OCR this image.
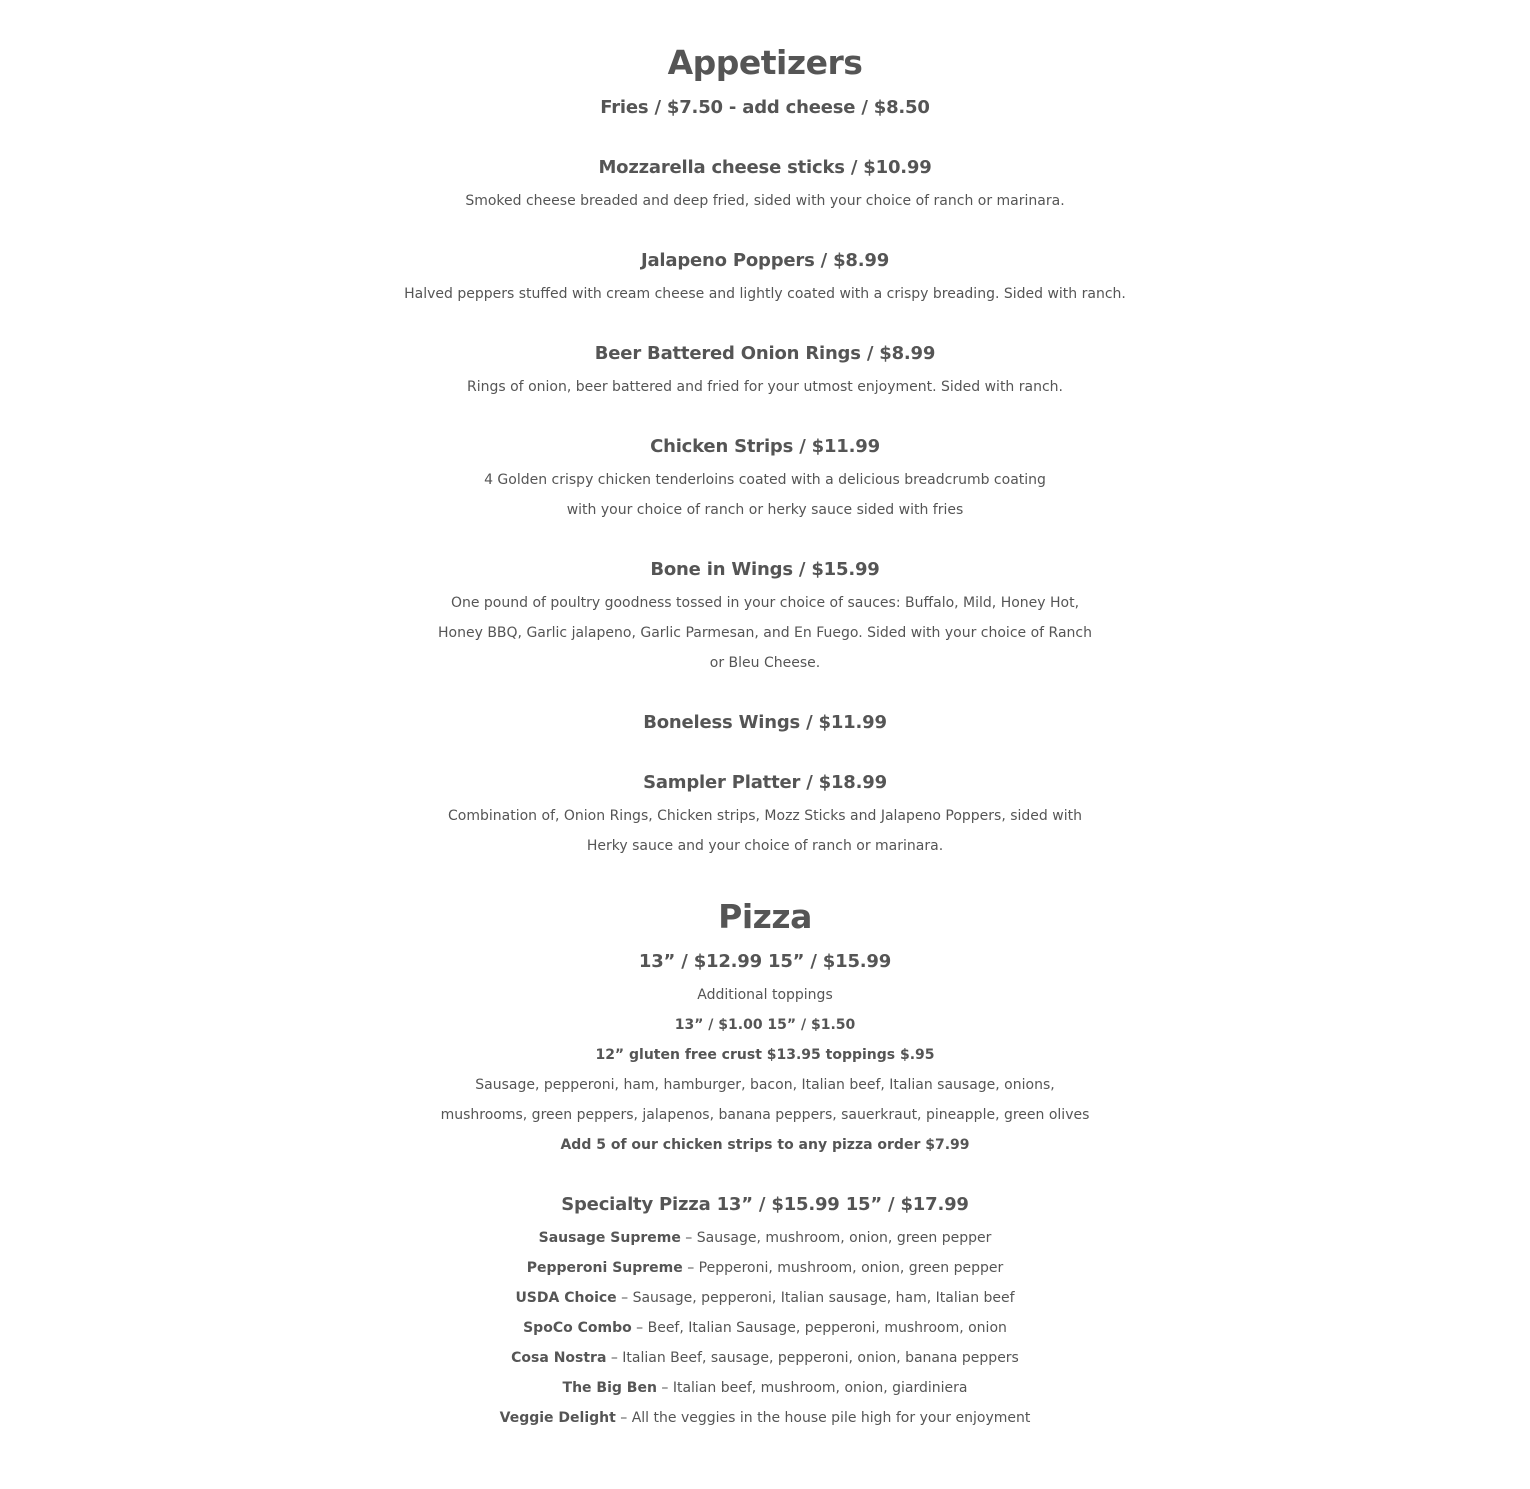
Appetizers
Fries / $7.50 - add cheese / $8.50
Mozzarella cheese sticks / $10.99

Smoked cheese breaded and deep fried, sided with your choice of ranch or marinara.

Jalapeno Poppers / $8.99

Halved peppers stuffed with cream cheese and lightly coated with a crispy breading. Sided with ranch.

Beer Battered Onion Rings / $8.99

Rings of onion, beer battered and fried for your utmost enjoyment. Sided with ranch.

Chicken Strips / $11.99

4 Golden crispy chicken tenderloins coated with a delicious breadcrumb coating

with your choice of ranch or herky sauce sided with fries

Bone in Wings / $15.99

One pound of poultry goodness tossed in your choice of sauces: Buffalo, Mild, Honey Hot,

Honey BBQ, Garlic jalapeno, Garlic Parmesan, and En Fuego. Sided with your choice of Ranch

or Bleu Cheese.

Boneless Wings / $11.99
Sampler Platter / $18.99

Combination of, Onion Rings, Chicken strips, Mozz Sticks and Jalapeno Poppers, sided with

Herky sauce and your choice of ranch or marinara.

Pizza
13” / $12.99 15” / $15.99

Additional toppings

13” / $1.00 15” / $1.50

12” gluten free crust $13.95 toppings $.95

Sausage, pepperoni, ham, hamburger, bacon, Italian beef, Italian sausage, onions,

mushrooms, green peppers, jalapenos, banana peppers, sauerkraut, pineapple, green olives

Add 5 of our chicken strips to any pizza order $7.99

Specialty Pizza 13” / $15.99 15” / $17.99

Sausage Supreme – Sausage, mushroom, onion, green pepper

Pepperoni Supreme – Pepperoni, mushroom, onion, green pepper

USDA Choice – Sausage, pepperoni, Italian sausage, ham, Italian beef

SpoCo Combo – Beef, Italian Sausage, pepperoni, mushroom, onion

Cosa Nostra – Italian Beef, sausage, pepperoni, onion, banana peppers

The Big Ben – Italian beef, mushroom, onion, giardiniera

Veggie Delight – All the veggies in the house pile high for your enjoyment
